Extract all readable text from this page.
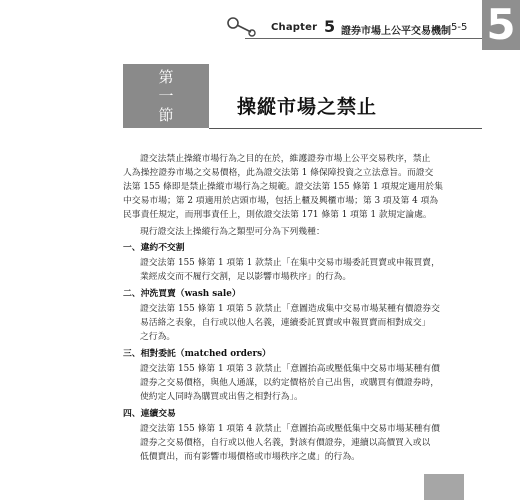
Chapter 5 證券市場上公平交易機制 5-5 5
第一節	操縱市場之禁止
證交法禁止操縱市場行為之目的在於，維護證券市場上公平交易秩序，禁止
人為操控證券市場之交易價格，此為證交法第 1 條保障投資之立法意旨。而證交
法第 155 條即是禁止操縱市場行為之規範。證交法第 155 條第 1 項規定適用於集
中交易市場；第 2 項適用於店頭市場，包括上櫃及興櫃市場；第 3 項及第 4 項為
民事責任規定，而刑事責任上，則依證交法第 171 條第 1 項第 1 款規定論處。
現行證交法上操縱行為之類型可分為下列幾種：
一、違約不交割
證交法第 155 條第 1 項第 1 款禁止「在集中交易市場委託買賣或申報買賣，
業經成交而不履行交割，足以影響市場秩序」的行為。
二、沖洗買賣（wash sale）
證交法第 155 條第 1 項第 5 款禁止「意圖造成集中交易市場某種有價證券交
易活絡之表象，自行或以他人名義，連續委託買賣或申報買賣而相對成交」
之行為。
三、相對委託（matched orders）
證交法第 155 條第 1 項第 3 款禁止「意圖抬高或壓低集中交易市場某種有價
證券之交易價格，與他人通謀，以約定價格於自己出售，或購買有價證券時，
使約定人同時為購買或出售之相對行為」。
四、連續交易
證交法第 155 條第 1 項第 4 款禁止「意圖抬高或壓低集中交易市場某種有價
證券之交易價格，自行或以他人名義，對該有價證券，連續以高價買入或以
低價賣出，而有影響市場價格或市場秩序之虞」的行為。
